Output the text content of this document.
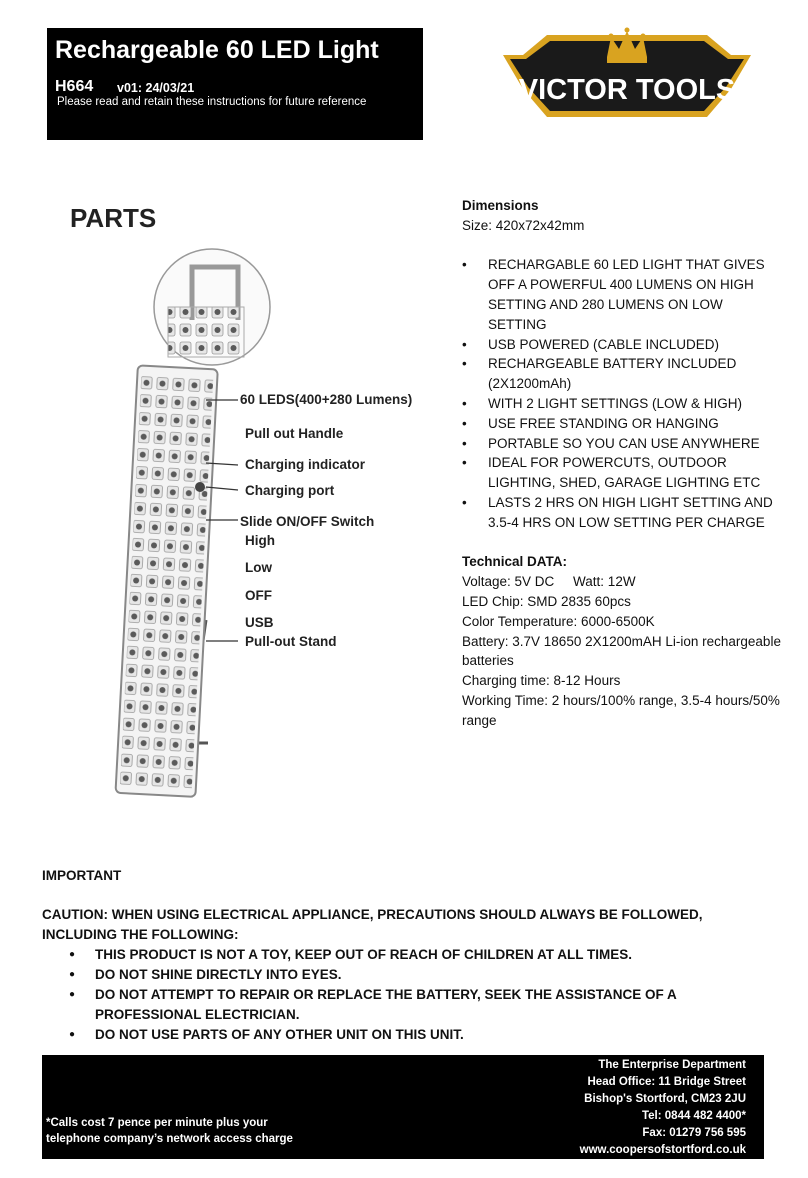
Rechargeable 60 LED Light
H664 v01: 24/03/21
Please read and retain these instructions for future reference	VICTOR TOOLS
PARTS
60 LEDS(400+280 Lumens)
Pull out Handle
Charging indicator
Charging port
Slide ON/OFF Switch
High
Low
OFF
USB
Pull-out Stand
Dimensions
Size: 420x72x42mm
• RECHARGABLE 60 LED LIGHT THAT GIVES OFF A POWERFUL 400 LUMENS ON HIGH SETTING AND 280 LUMENS ON LOW SETTING
• USB POWERED (CABLE INCLUDED)
• RECHARGEABLE BATTERY INCLUDED (2X1200mAh)
• WITH 2 LIGHT SETTINGS (LOW & HIGH)
• USE FREE STANDING OR HANGING
• PORTABLE SO YOU CAN USE ANYWHERE
• IDEAL FOR POWERCUTS, OUTDOOR LIGHTING, SHED, GARAGE LIGHTING ETC
• LASTS 2 HRS ON HIGH LIGHT SETTING AND 3.5-4 HRS ON LOW SETTING PER CHARGE
Technical DATA:
Voltage: 5V DC     Watt: 12W
LED Chip: SMD 2835 60pcs
Color Temperature: 6000-6500K
Battery: 3.7V 18650 2X1200mAH Li-ion rechargeable batteries
Charging time: 8-12 Hours
Working Time: 2 hours/100% range, 3.5-4 hours/50% range
IMPORTANT
CAUTION: WHEN USING ELECTRICAL APPLIANCE, PRECAUTIONS SHOULD ALWAYS BE FOLLOWED, INCLUDING THE FOLLOWING:
● THIS PRODUCT IS NOT A TOY, KEEP OUT OF REACH OF CHILDREN AT ALL TIMES.
● DO NOT SHINE DIRECTLY INTO EYES.
● DO NOT ATTEMPT TO REPAIR OR REPLACE THE BATTERY, SEEK THE ASSISTANCE OF A PROFESSIONAL ELECTRICIAN.
● DO NOT USE PARTS OF ANY OTHER UNIT ON THIS UNIT.
*Calls cost 7 pence per minute plus your telephone company’s network access charge
The Enterprise Department
Head Office: 11 Bridge Street
Bishop's Stortford, CM23 2JU
Tel: 0844 482 4400*
Fax: 01279 756 595
www.coopersofstortford.co.uk
